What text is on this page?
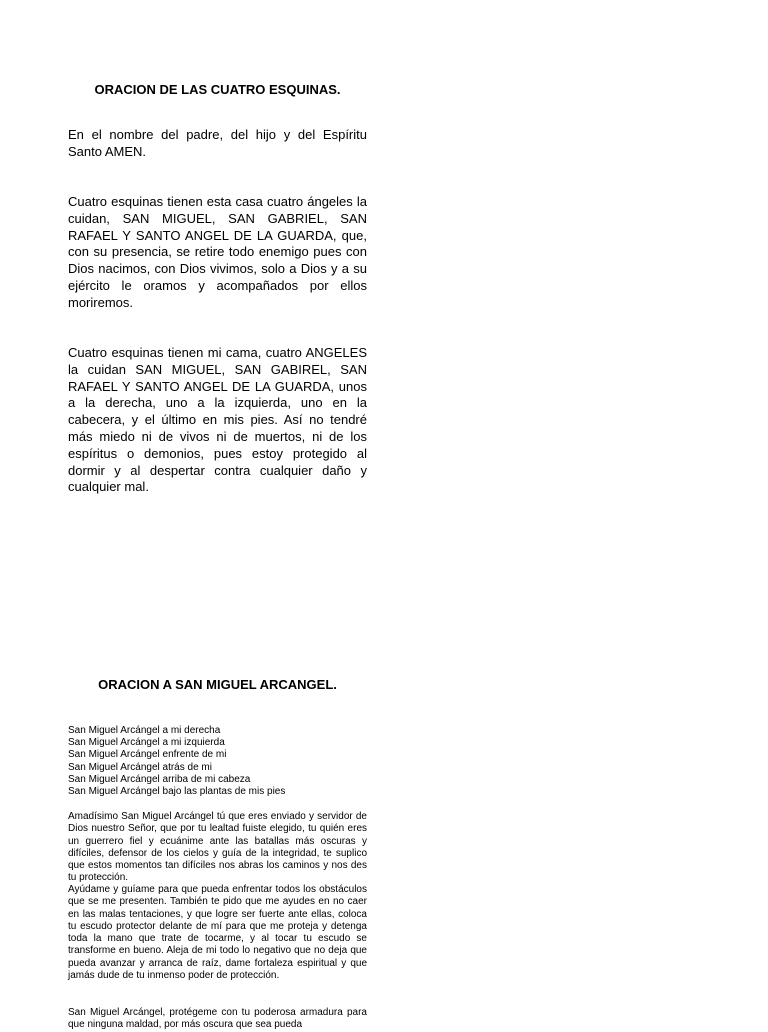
ORACION DE LAS CUATRO ESQUINAS.

En el nombre del padre, del hijo y del Espíritu Santo AMEN.

Cuatro esquinas tienen esta casa cuatro ángeles la cuidan, SAN MIGUEL, SAN GABRIEL, SAN RAFAEL Y SANTO ANGEL DE LA GUARDA, que, con su presencia, se retire todo enemigo pues con Dios nacimos, con Dios vivimos, solo a Dios y a su ejército le oramos y acompañados por ellos moriremos.

Cuatro esquinas tienen mi cama, cuatro ANGELES la cuidan SAN MIGUEL, SAN GABIREL, SAN RAFAEL Y SANTO ANGEL DE LA GUARDA, unos a la derecha, uno a la izquierda, uno en la cabecera, y el último en mis pies. Así no tendré más miedo ni de vivos ni de muertos, ni de los espíritus o demonios, pues estoy protegido al dormir y al despertar contra cualquier daño y cualquier mal.

ORACION A SAN MIGUEL ARCANGEL.
San Miguel Arcángel a mi derecha
San Miguel Arcángel a mi izquierda
San Miguel Arcángel enfrente de mi
San Miguel Arcángel atrás de mi
San Miguel Arcángel arriba de mi cabeza
San Miguel Arcángel bajo las plantas de mis pies

Amadísimo San Miguel Arcángel tú que eres enviado y servidor de Dios nuestro Señor, que por tu lealtad fuiste elegido, tu quién eres un guerrero fiel y ecuánime ante las batallas más oscuras y difíciles, defensor de los cielos y guía de la integridad, te suplico que estos momentos tan difíciles nos abras los caminos y nos des tu protección.

Ayúdame y guíame para que pueda enfrentar todos los obstáculos que se me presenten. También te pido que me ayudes en no caer en las malas tentaciones, y que logre ser fuerte ante ellas, coloca tu escudo protector delante de mí para que me proteja y detenga toda la mano que trate de tocarme, y al tocar tu escudo se transforme en bueno. Aleja de mi todo lo negativo que no deja que pueda avanzar y arranca de raíz, dame fortaleza espiritual y que jamás dude de tu inmenso poder de protección.

San Miguel Arcángel, protégeme con tu poderosa armadura para que ninguna maldad, por más oscura que sea pueda
